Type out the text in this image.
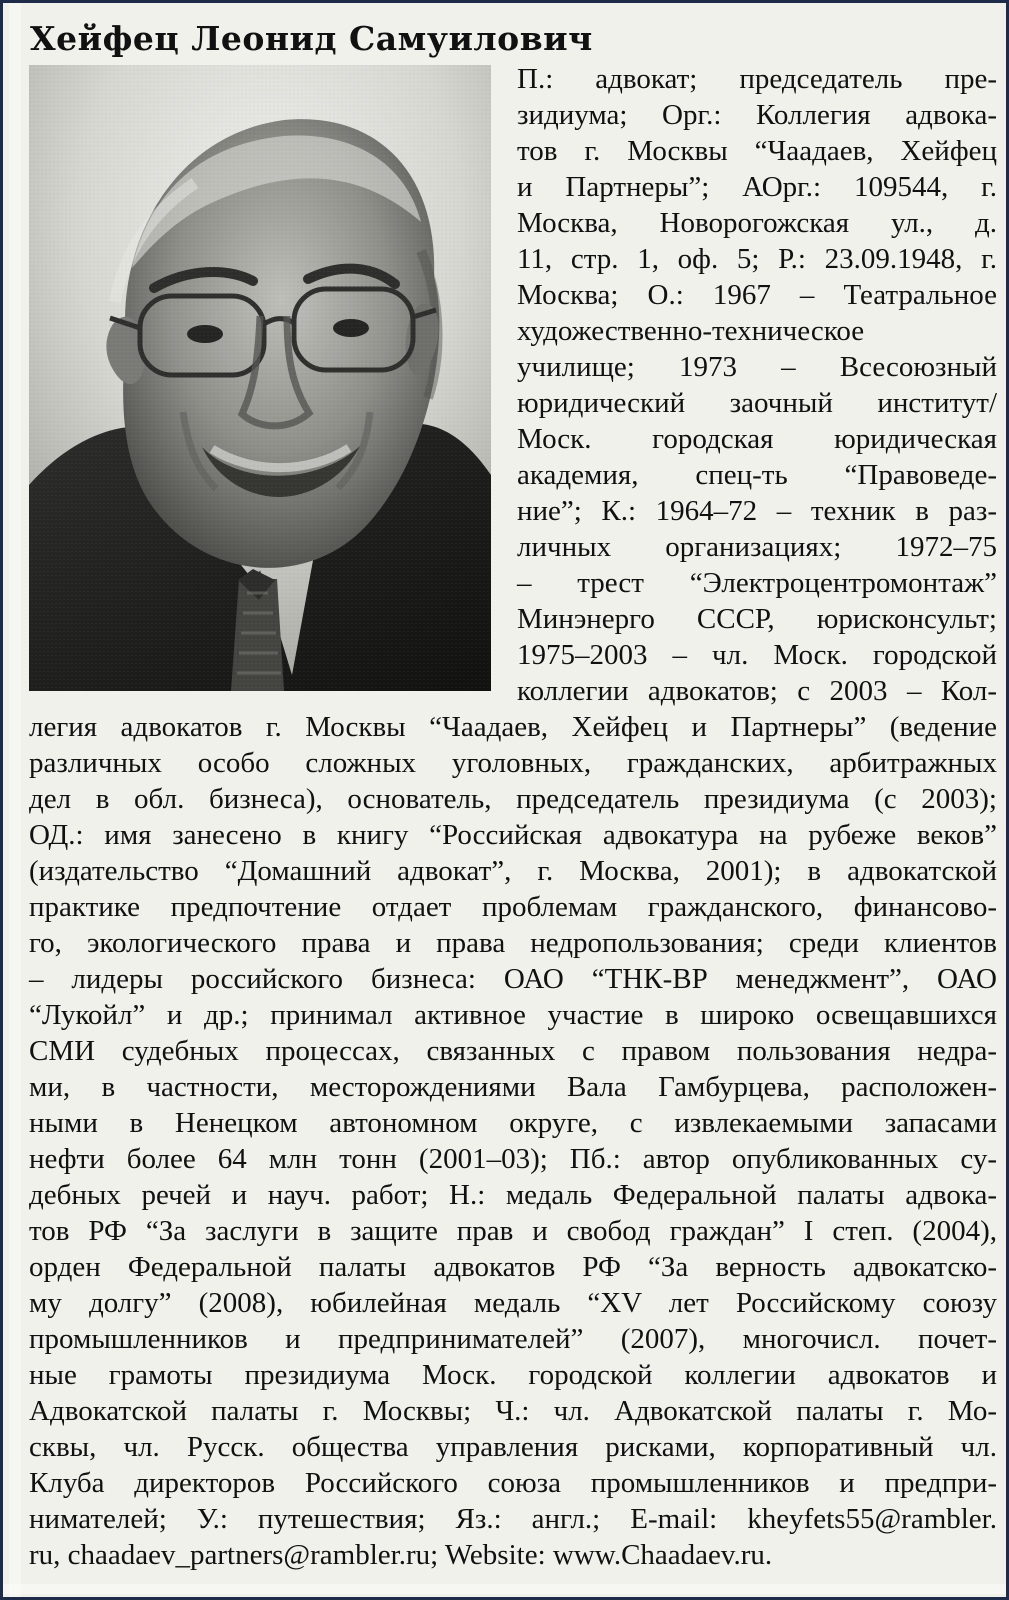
Хейфец Леонид Самуилович
П.: адвокат; председатель пре-
зидиума; Орг.: Коллегия адвока-
тов г. Москвы “Чаадаев, Хейфец
и Партнеры”; АОрг.: 109544, г.
Москва, Новорогожская ул., д.
11, стр. 1, оф. 5; Р.: 23.09.1948, г.
Москва; О.: 1967 – Театральное
художественно-техническое
училище; 1973 – Всесоюзный
юридический заочный институт/
Моск. городская юридическая
академия, спец-ть “Правоведе-
ние”; К.: 1964–72 – техник в раз-
личных организациях; 1972–75
– трест “Электроцентромонтаж”
Минэнерго СССР, юрисконсульт;
1975–2003 – чл. Моск. городской
коллегии адвокатов; с 2003 – Кол-
легия адвокатов г. Москвы “Чаадаев, Хейфец и Партнеры” (ведение
различных особо сложных уголовных, гражданских, арбитражных
дел в обл. бизнеса), основатель, председатель президиума (с 2003);
ОД.: имя занесено в книгу “Российская адвокатура на рубеже веков”
(издательство “Домашний адвокат”, г. Москва, 2001); в адвокатской
практике предпочтение отдает проблемам гражданского, финансово-
го, экологического права и права недропользования; среди клиентов
– лидеры российского бизнеса: ОАО “ТНК-ВР менеджмент”, ОАО
“Лукойл” и др.; принимал активное участие в широко освещавшихся
СМИ судебных процессах, связанных с правом пользования недра-
ми, в частности, месторождениями Вала Гамбурцева, расположен-
ными в Ненецком автономном округе, с извлекаемыми запасами
нефти более 64 млн тонн (2001–03); Пб.: автор опубликованных су-
дебных речей и науч. работ; Н.: медаль Федеральной палаты адвока-
тов РФ “За заслуги в защите прав и свобод граждан” I степ. (2004),
орден Федеральной палаты адвокатов РФ “За верность адвокатско-
му долгу” (2008), юбилейная медаль “XV лет Российскому союзу
промышленников и предпринимателей” (2007), многочисл. почет-
ные грамоты президиума Моск. городской коллегии адвокатов и
Адвокатской палаты г. Москвы; Ч.: чл. Адвокатской палаты г. Мо-
сквы, чл. Русск. общества управления рисками, корпоративный чл.
Клуба директоров Российского союза промышленников и предпри-
нимателей; У.: путешествия; Яз.: англ.; E-mail: kheyfets55@rambler.
ru, chaadaev_partners@rambler.ru; Website: www.Chaadaev.ru.
